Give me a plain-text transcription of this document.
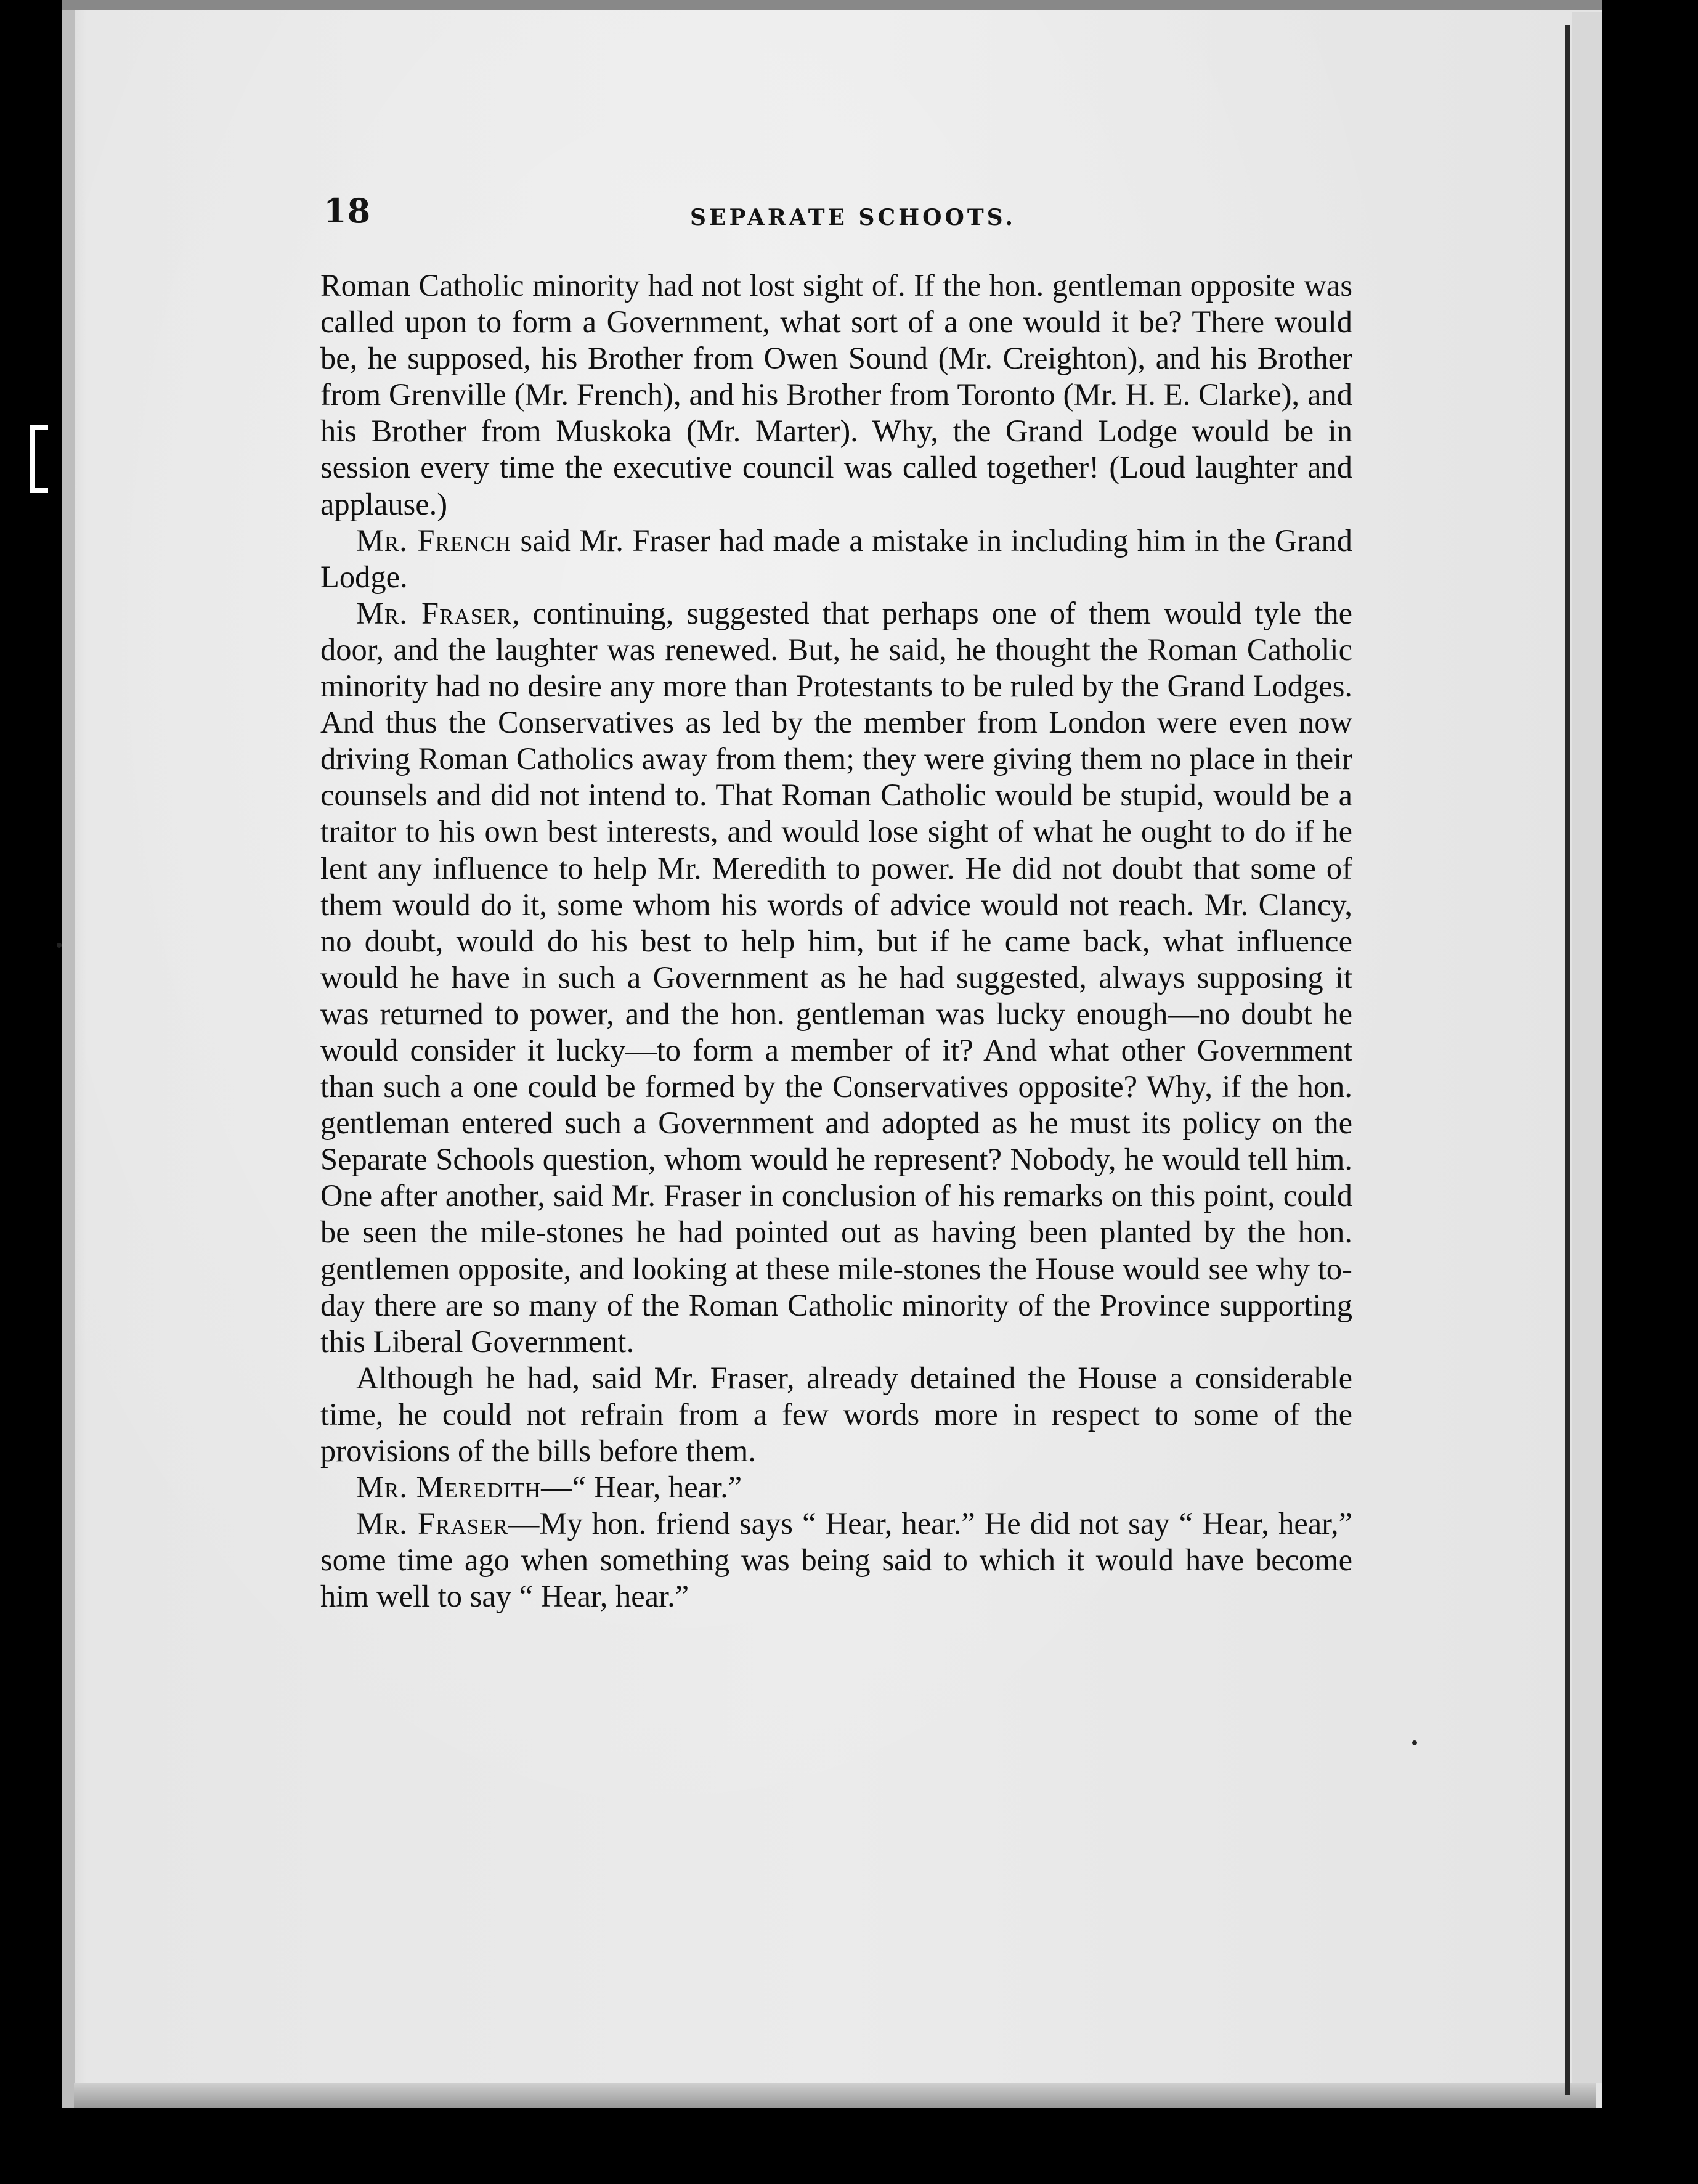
18	SEPARATE SCHOOTS.

Roman Catholic minority had not lost sight of. If the hon. gentleman opposite was called upon to form a Government, what sort of a one would it be? There would be, he supposed, his Brother from Owen Sound (Mr. Creighton), and his Brother from Grenville (Mr. French), and his Brother from Toronto (Mr. H. E. Clarke), and his Brother from Muskoka (Mr. Marter). Why, the Grand Lodge would be in session every time the executive council was called together! (Loud laughter and applause.)

Mr. French said Mr. Fraser had made a mistake in including him in the Grand Lodge.

Mr. Fraser, continuing, suggested that perhaps one of them would tyle the door, and the laughter was renewed. But, he said, he thought the Roman Catholic minority had no desire any more than Protestants to be ruled by the Grand Lodges. And thus the Conservatives as led by the member from London were even now driving Roman Catholics away from them; they were giving them no place in their counsels and did not intend to. That Roman Catholic would be stupid, would be a traitor to his own best interests, and would lose sight of what he ought to do if he lent any influence to help Mr. Meredith to power. He did not doubt that some of them would do it, some whom his words of advice would not reach. Mr. Clancy, no doubt, would do his best to help him, but if he came back, what influence would he have in such a Government as he had suggested, always supposing it was returned to power, and the hon. gentleman was lucky enough—no doubt he would consider it lucky—to form a member of it? And what other Government than such a one could be formed by the Conservatives opposite? Why, if the hon. gentleman entered such a Government and adopted as he must its policy on the Separate Schools question, whom would he represent? Nobody, he would tell him. One after another, said Mr. Fraser in conclusion of his remarks on this point, could be seen the mile-stones he had pointed out as having been planted by the hon. gentlemen opposite, and looking at these mile-stones the House would see why to-day there are so many of the Roman Catholic minority of the Province supporting this Liberal Government.

Although he had, said Mr. Fraser, already detained the House a considerable time, he could not refrain from a few words more in respect to some of the provisions of the bills before them.

Mr. Meredith—“ Hear, hear.”

Mr. Fraser—My hon. friend says “ Hear, hear.” He did not say “ Hear, hear,” some time ago when something was being said to which it would have become him well to say “ Hear, hear.”
